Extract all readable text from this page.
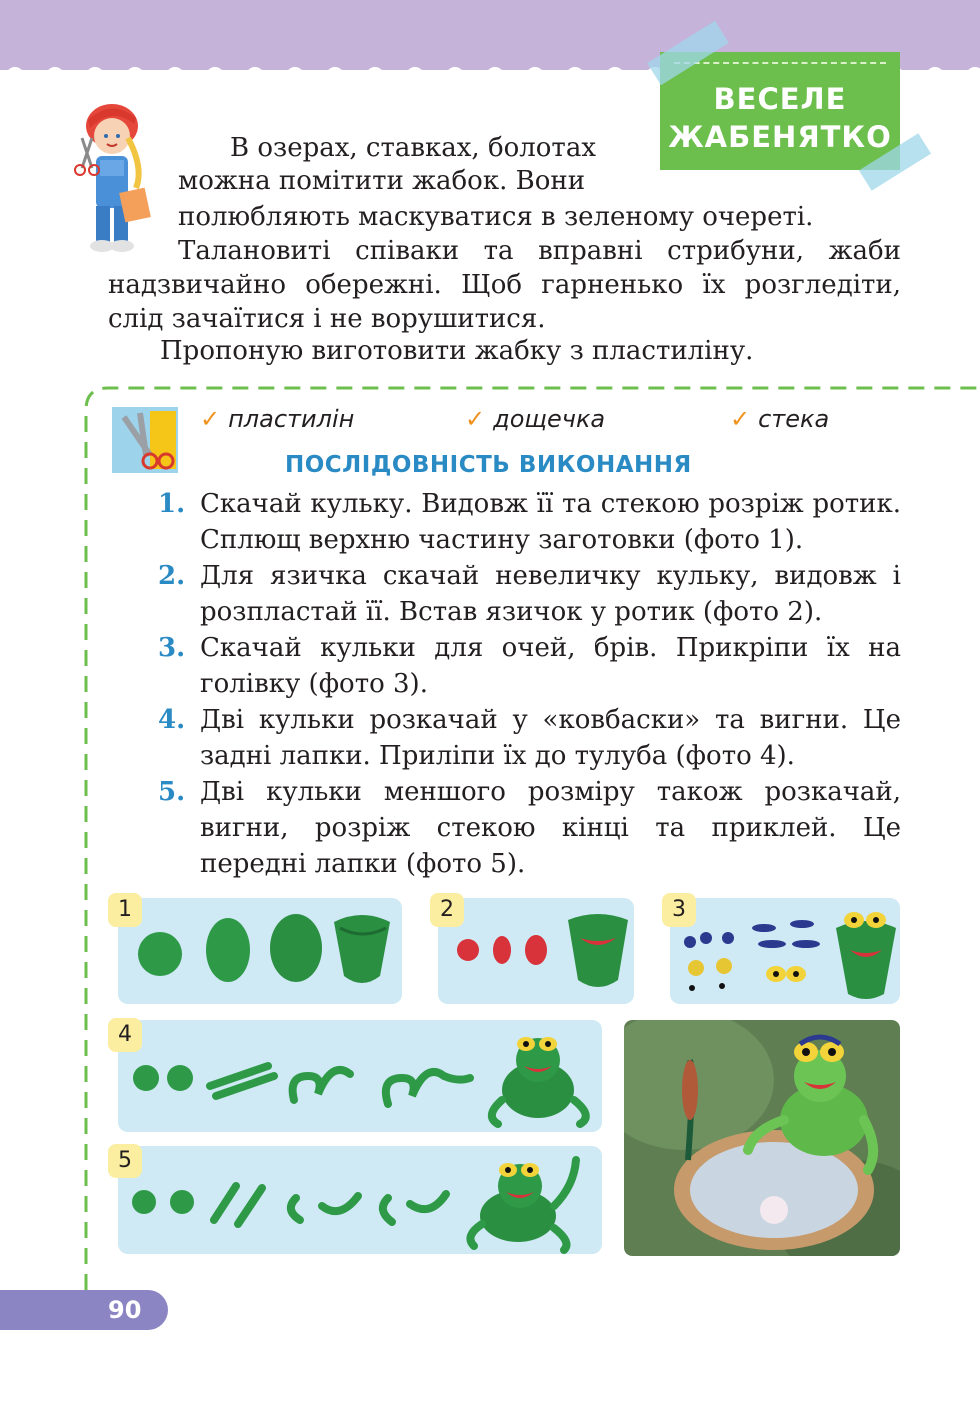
ВЕСЕЛЕ
ЖАБЕНЯТКО
В озерах, ставках, болотах
можна помітити жабок. Вони
полюбляють маскуватися в зеленому очереті.
Талановиті співаки та вправні стрибуни, жаби надзвичайно обережні. Щоб гарненько їх розгледіти, слід зачаїтися і не ворушитися.
Пропоную виготовити жабку з пластиліну.
✓ пластилін	✓ дощечка	✓ стека
ПОСЛІДОВНІСТЬ ВИКОНАННЯ
1. Скачай кульку. Видовж її та стекою розріж ротик. Сплющ верхню частину заготовки (фото 1).
2. Для язичка скачай невеличку кульку, видовж і розпластай її. Встав язичок у ротик (фото 2).
3. Скачай кульки для очей, брів. Прикріпи їх на голівку (фото 3).
4. Дві кульки розкачай у «ковбаски» та вигни. Це задні лапки. Приліпи їх до тулуба (фото 4).
5. Дві кульки меншого розміру також розкачай, вигни, розріж стекою кінці та приклей. Це передні лапки (фото 5).
1	2	3
4
5
90
